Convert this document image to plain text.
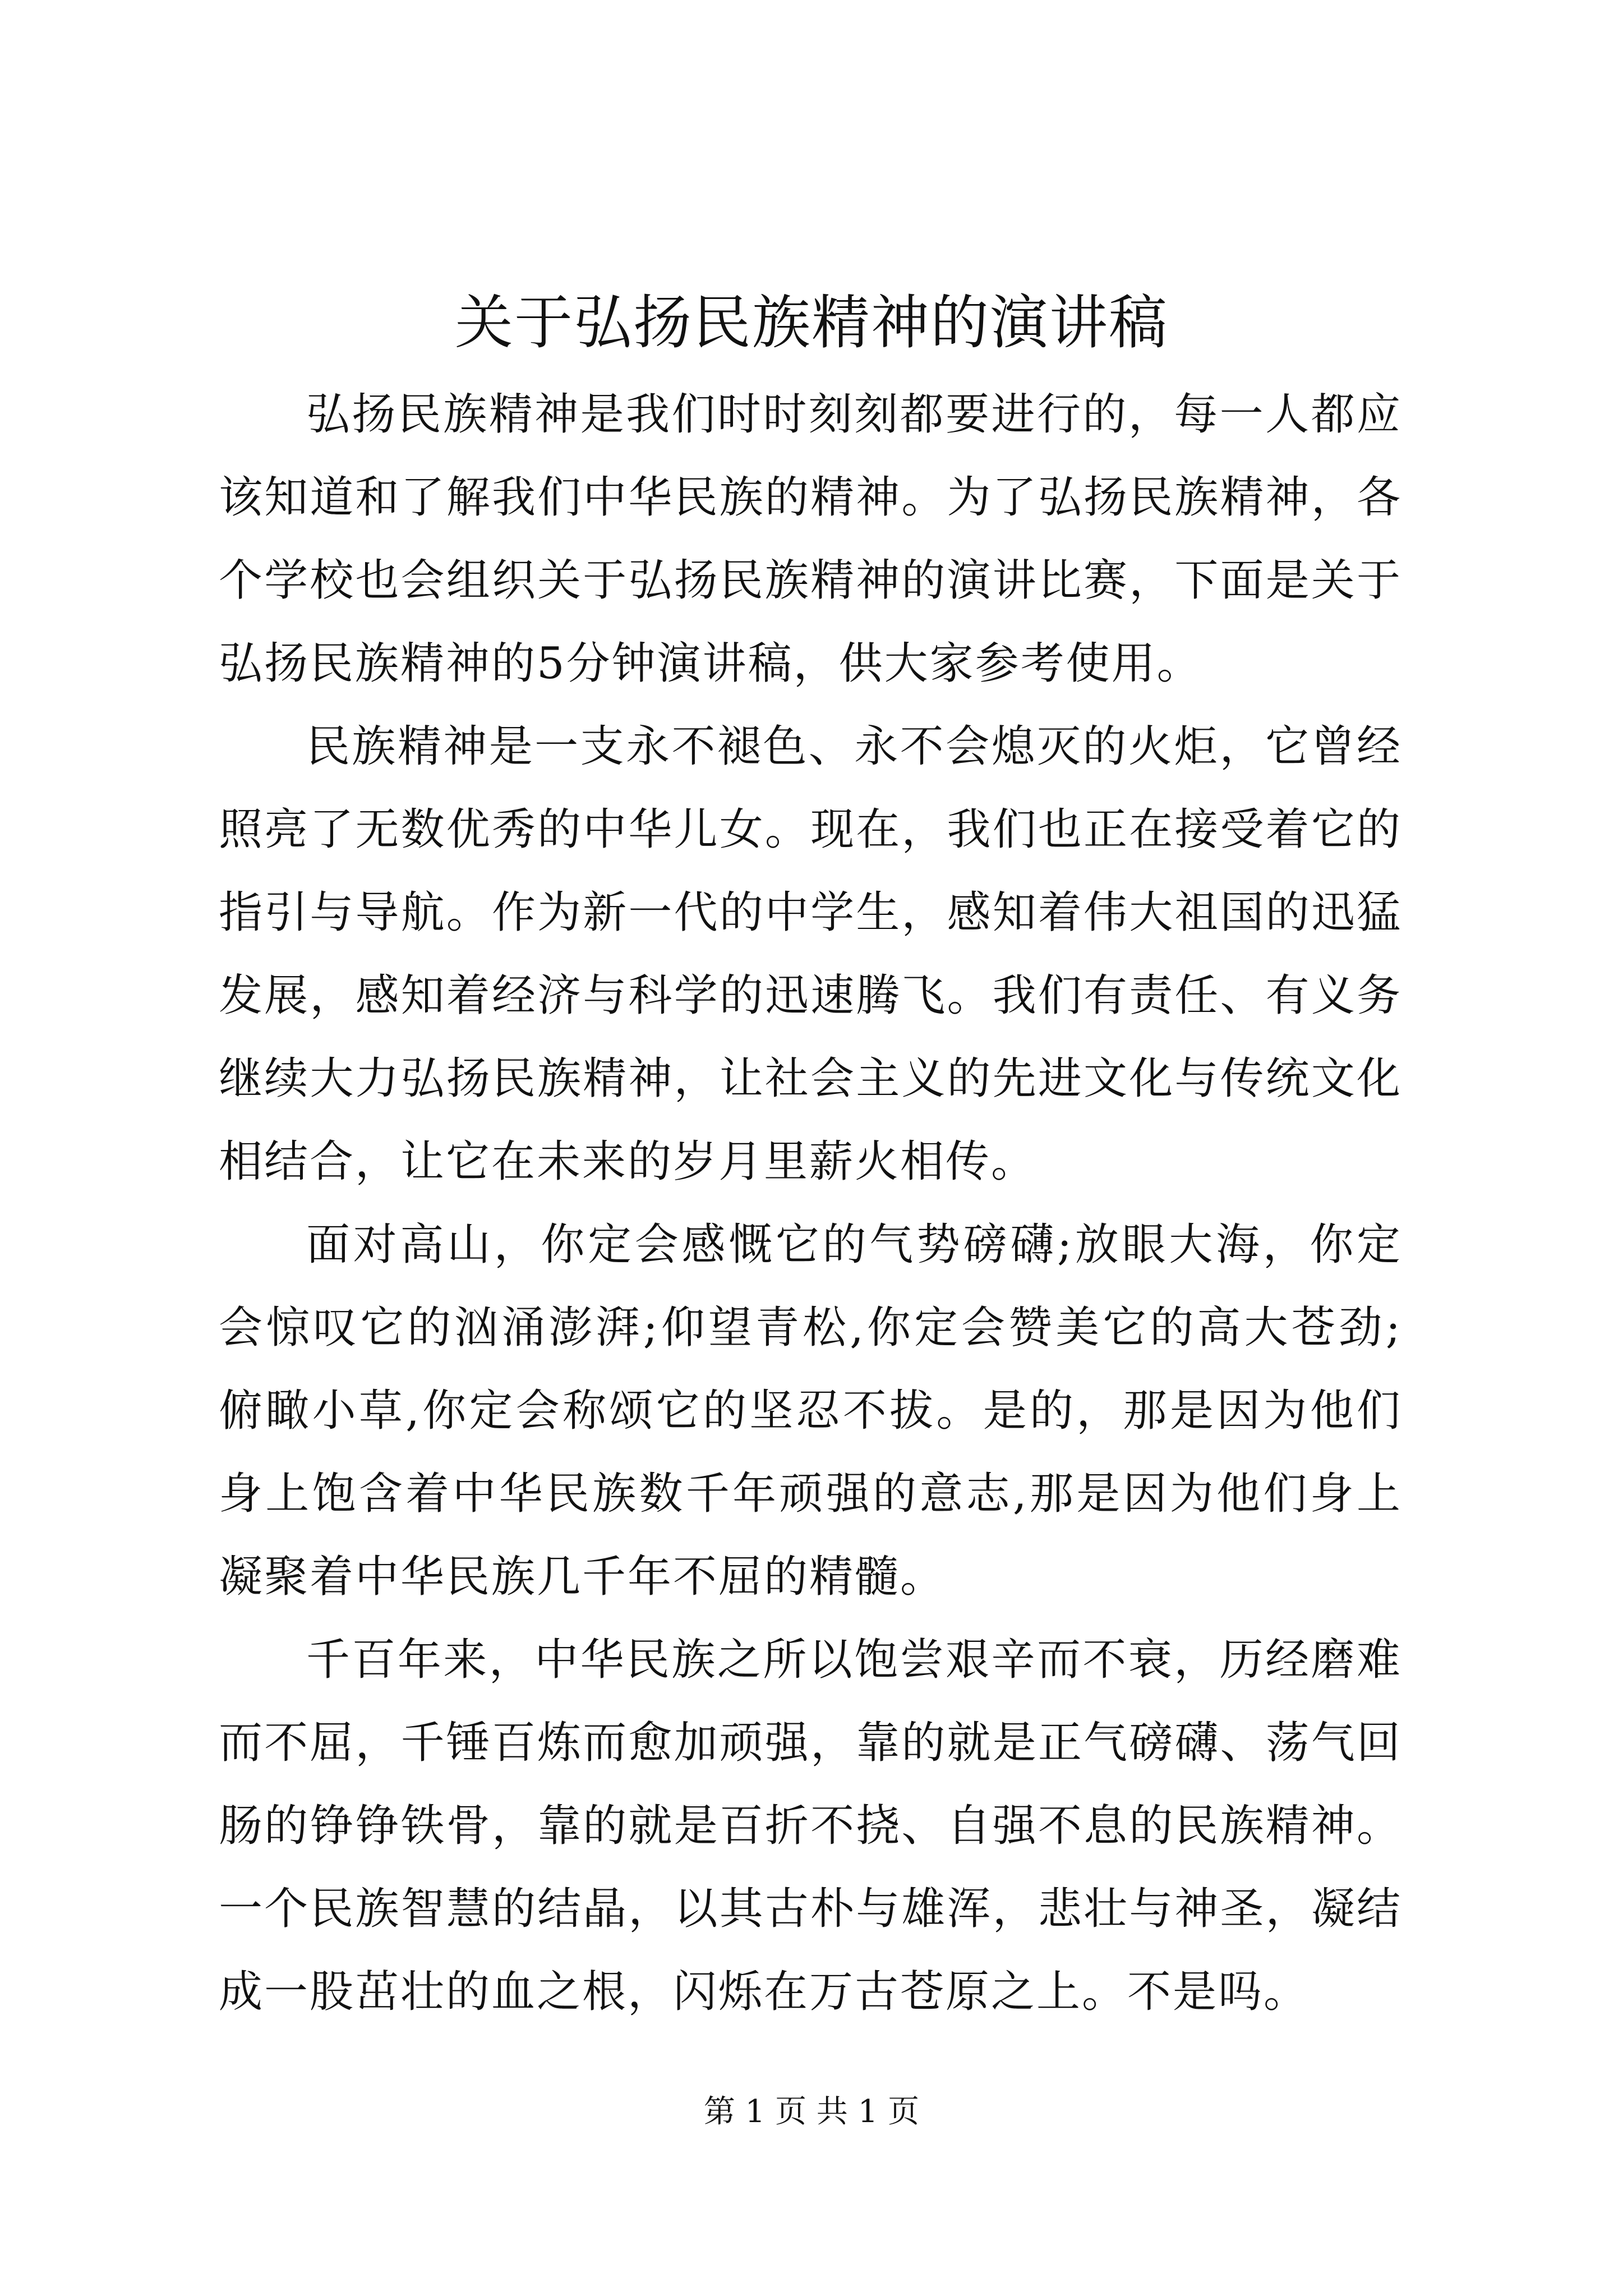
关于弘扬民族精神的演讲稿

弘扬民族精神是我们时时刻刻都要进行的，每一人都应该知道和了解我们中华民族的精神。为了弘扬民族精神，各个学校也会组织关于弘扬民族精神的演讲比赛，下面是关于弘扬民族精神的5分钟演讲稿，供大家参考使用。

民族精神是一支永不褪色、永不会熄灭的火炬，它曾经照亮了无数优秀的中华儿女。现在，我们也正在接受着它的指引与导航。作为新一代的中学生，感知着伟大祖国的迅猛发展，感知着经济与科学的迅速腾飞。我们有责任、有义务继续大力弘扬民族精神，让社会主义的先进文化与传统文化相结合，让它在未来的岁月里薪火相传。

面对高山，你定会感慨它的气势磅礴;放眼大海，你定会惊叹它的汹涌澎湃;仰望青松,你定会赞美它的高大苍劲;俯瞰小草,你定会称颂它的坚忍不拔。是的，那是因为他们身上饱含着中华民族数千年顽强的意志,那是因为他们身上凝聚着中华民族几千年不屈的精髓。

千百年来，中华民族之所以饱尝艰辛而不衰，历经磨难而不屈，千锤百炼而愈加顽强，靠的就是正气磅礴、荡气回肠的铮铮铁骨，靠的就是百折不挠、自强不息的民族精神。一个民族智慧的结晶，以其古朴与雄浑，悲壮与神圣，凝结成一股茁壮的血之根，闪烁在万古苍原之上。不是吗。

第 1 页 共 1 页
